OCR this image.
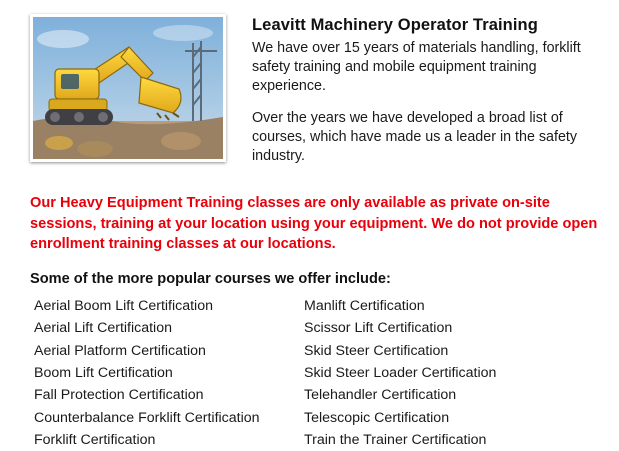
Leavitt Machinery Operator Training

We have over 15 years of materials handling, forklift safety training and mobile equipment training experience.

Over the years we have developed a broad list of courses, which have made us a leader in the safety industry.

Our Heavy Equipment Training classes are only available as private on-site sessions, training at your location using your equipment. We do not provide open enrollment training classes at our locations.
Some of the more popular courses we offer include:
Aerial Boom Lift Certification
Aerial Lift Certification
Aerial Platform Certification
Boom Lift Certification
Fall Protection Certification
Counterbalance Forklift Certification
Forklift Certification
Manlift Certification
Scissor Lift Certification
Skid Steer Certification
Skid Steer Loader Certification
Telehandler Certification
Telescopic Certification
Train the Trainer Certification
